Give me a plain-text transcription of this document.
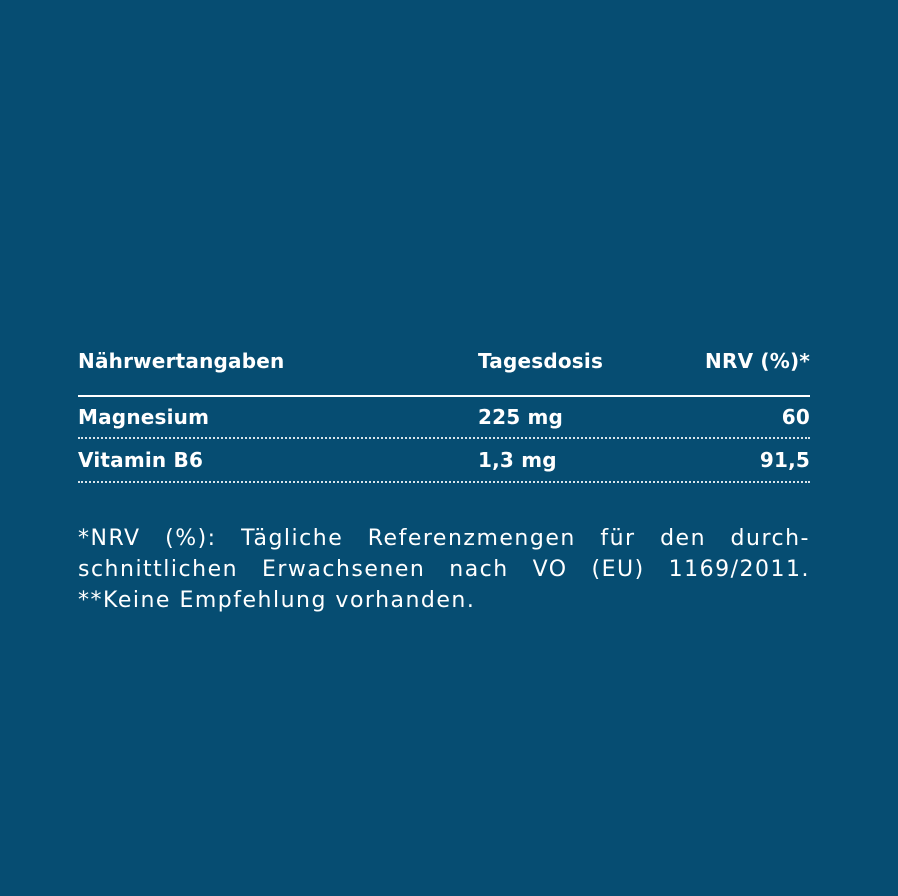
Nährwertangaben	Tagesdosis	NRV (%)*
Magnesium	225 mg	60
Vitamin B6	1,3 mg	91,5

*NRV (%): Tägliche Referenzmengen für den durch-

schnittlichen Erwachsenen nach VO (EU) 1169/2011.

**Keine Empfehlung vorhanden.
